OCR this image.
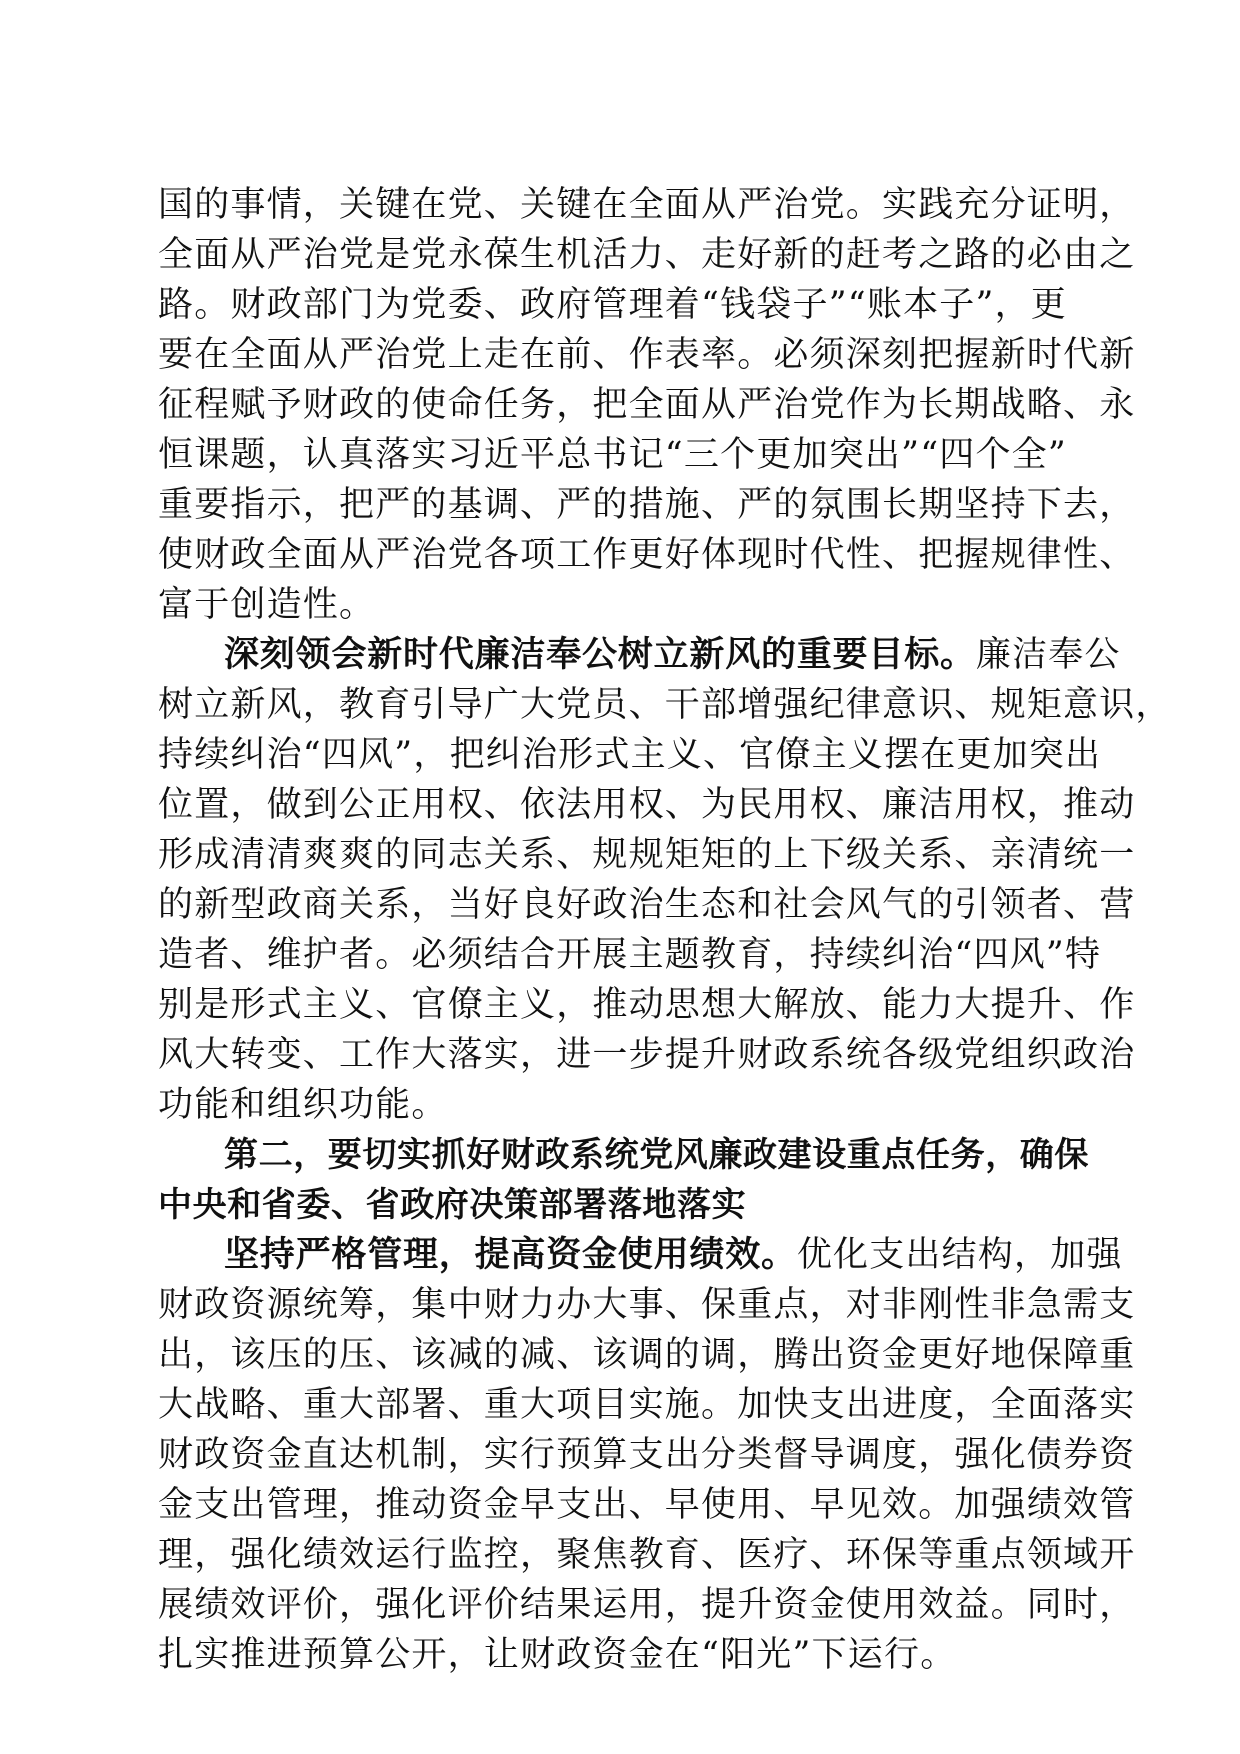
国的事情，关键在党、关键在全面从严治党。实践充分证明，
全面从严治党是党永葆生机活力、走好新的赶考之路的必由之
路。财政部门为党委、政府管理着“钱袋子”“账本子”，更
要在全面从严治党上走在前、作表率。必须深刻把握新时代新
征程赋予财政的使命任务，把全面从严治党作为长期战略、永
恒课题，认真落实习近平总书记“三个更加突出”“四个全”
重要指示，把严的基调、严的措施、严的氛围长期坚持下去，
使财政全面从严治党各项工作更好体现时代性、把握规律性、
富于创造性。
深刻领会新时代廉洁奉公树立新风的重要目标。廉洁奉公
树立新风，教育引导广大党员、干部增强纪律意识、规矩意识，
持续纠治“四风”，把纠治形式主义、官僚主义摆在更加突出
位置，做到公正用权、依法用权、为民用权、廉洁用权，推动
形成清清爽爽的同志关系、规规矩矩的上下级关系、亲清统一
的新型政商关系，当好良好政治生态和社会风气的引领者、营
造者、维护者。必须结合开展主题教育，持续纠治“四风”特
别是形式主义、官僚主义，推动思想大解放、能力大提升、作
风大转变、工作大落实，进一步提升财政系统各级党组织政治
功能和组织功能。
第二，要切实抓好财政系统党风廉政建设重点任务，确保
中央和省委、省政府决策部署落地落实
坚持严格管理，提高资金使用绩效。优化支出结构，加强
财政资源统筹，集中财力办大事、保重点，对非刚性非急需支
出，该压的压、该减的减、该调的调，腾出资金更好地保障重
大战略、重大部署、重大项目实施。加快支出进度，全面落实
财政资金直达机制，实行预算支出分类督导调度，强化债券资
金支出管理，推动资金早支出、早使用、早见效。加强绩效管
理，强化绩效运行监控，聚焦教育、医疗、环保等重点领域开
展绩效评价，强化评价结果运用，提升资金使用效益。同时，
扎实推进预算公开，让财政资金在“阳光”下运行。
